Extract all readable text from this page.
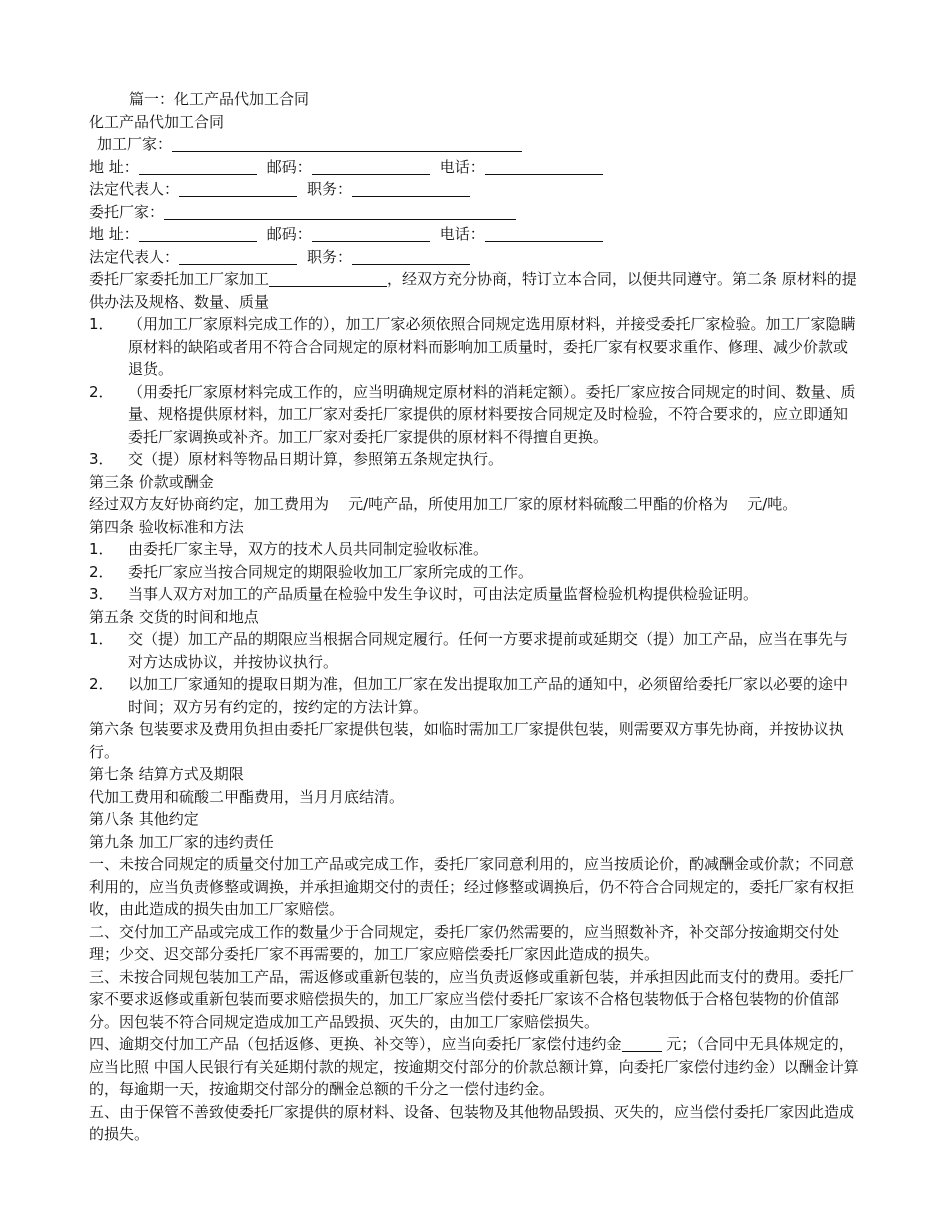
篇一：化工产品代加工合同

化工产品代加工合同

加工厂家：

地 址：	邮码：	电话：

法定代表人：	职务：

委托厂家：

地 址：	邮码：	电话：

法定代表人：	职务：

委托厂家委托加工厂家加工	，经双方充分协商，特订立本合同，以便共同遵守。第二条 原材料的提供办法及规格、数量、质量

1． （用加工厂家原料完成工作的），加工厂家必须依照合同规定选用原材料，并接受委托厂家检验。加工厂家隐瞒原材料的缺陷或者用不符合合同规定的原材料而影响加工质量时，委托厂家有权要求重作、修理、减少价款或退货。
2． （用委托厂家原材料完成工作的，应当明确规定原材料的消耗定额）。委托厂家应按合同规定的时间、数量、质量、规格提供原材料，加工厂家对委托厂家提供的原材料要按合同规定及时检验，不符合要求的，应立即通知委托厂家调换或补齐。加工厂家对委托厂家提供的原材料不得擅自更换。
3． 交（提）原材料等物品日期计算，参照第五条规定执行。

第三条 价款或酬金

经过双方友好协商约定，加工费用为    元/吨产品，所使用加工厂家的原材料硫酸二甲酯的价格为    元/吨。

第四条 验收标准和方法

1． 由委托厂家主导，双方的技术人员共同制定验收标准。
2． 委托厂家应当按合同规定的期限验收加工厂家所完成的工作。
3． 当事人双方对加工的产品质量在检验中发生争议时，可由法定质量监督检验机构提供检验证明。

第五条 交货的时间和地点

1． 交（提）加工产品的期限应当根据合同规定履行。任何一方要求提前或延期交（提）加工产品，应当在事先与对方达成协议，并按协议执行。
2． 以加工厂家通知的提取日期为准，但加工厂家在发出提取加工产品的通知中，必须留给委托厂家以必要的途中时间；双方另有约定的，按约定的方法计算。

第六条 包装要求及费用负担由委托厂家提供包装，如临时需加工厂家提供包装，则需要双方事先协商，并按协议执行。

第七条 结算方式及期限

代加工费用和硫酸二甲酯费用，当月月底结清。

第八条 其他约定

第九条 加工厂家的违约责任

一、未按合同规定的质量交付加工产品或完成工作，委托厂家同意利用的，应当按质论价，酌减酬金或价款；不同意利用的，应当负责修整或调换，并承担逾期交付的责任；经过修整或调换后，仍不符合合同规定的，委托厂家有权拒收，由此造成的损失由加工厂家赔偿。

二、交付加工产品或完成工作的数量少于合同规定，委托厂家仍然需要的，应当照数补齐，补交部分按逾期交付处理；少交、迟交部分委托厂家不再需要的，加工厂家应赔偿委托厂家因此造成的损失。

三、未按合同规包装加工产品，需返修或重新包装的，应当负责返修或重新包装，并承担因此而支付的费用。委托厂家不要求返修或重新包装而要求赔偿损失的，加工厂家应当偿付委托厂家该不合格包装物低于合格包装物的价值部分。因包装不符合同规定造成加工产品毁损、灭失的，由加工厂家赔偿损失。

四、逾期交付加工产品（包括返修、更换、补交等），应当向委托厂家偿付违约金	元；（合同中无具体规定的，应当比照 中国人民银行有关延期付款的规定，按逾期交付部分的价款总额计算，向委托厂家偿付违约金）以酬金计算的，每逾期一天，按逾期交付部分的酬金总额的千分之一偿付违约金。

五、由于保管不善致使委托厂家提供的原材料、设备、包装物及其他物品毁损、灭失的，应当偿付委托厂家因此造成的损失。
